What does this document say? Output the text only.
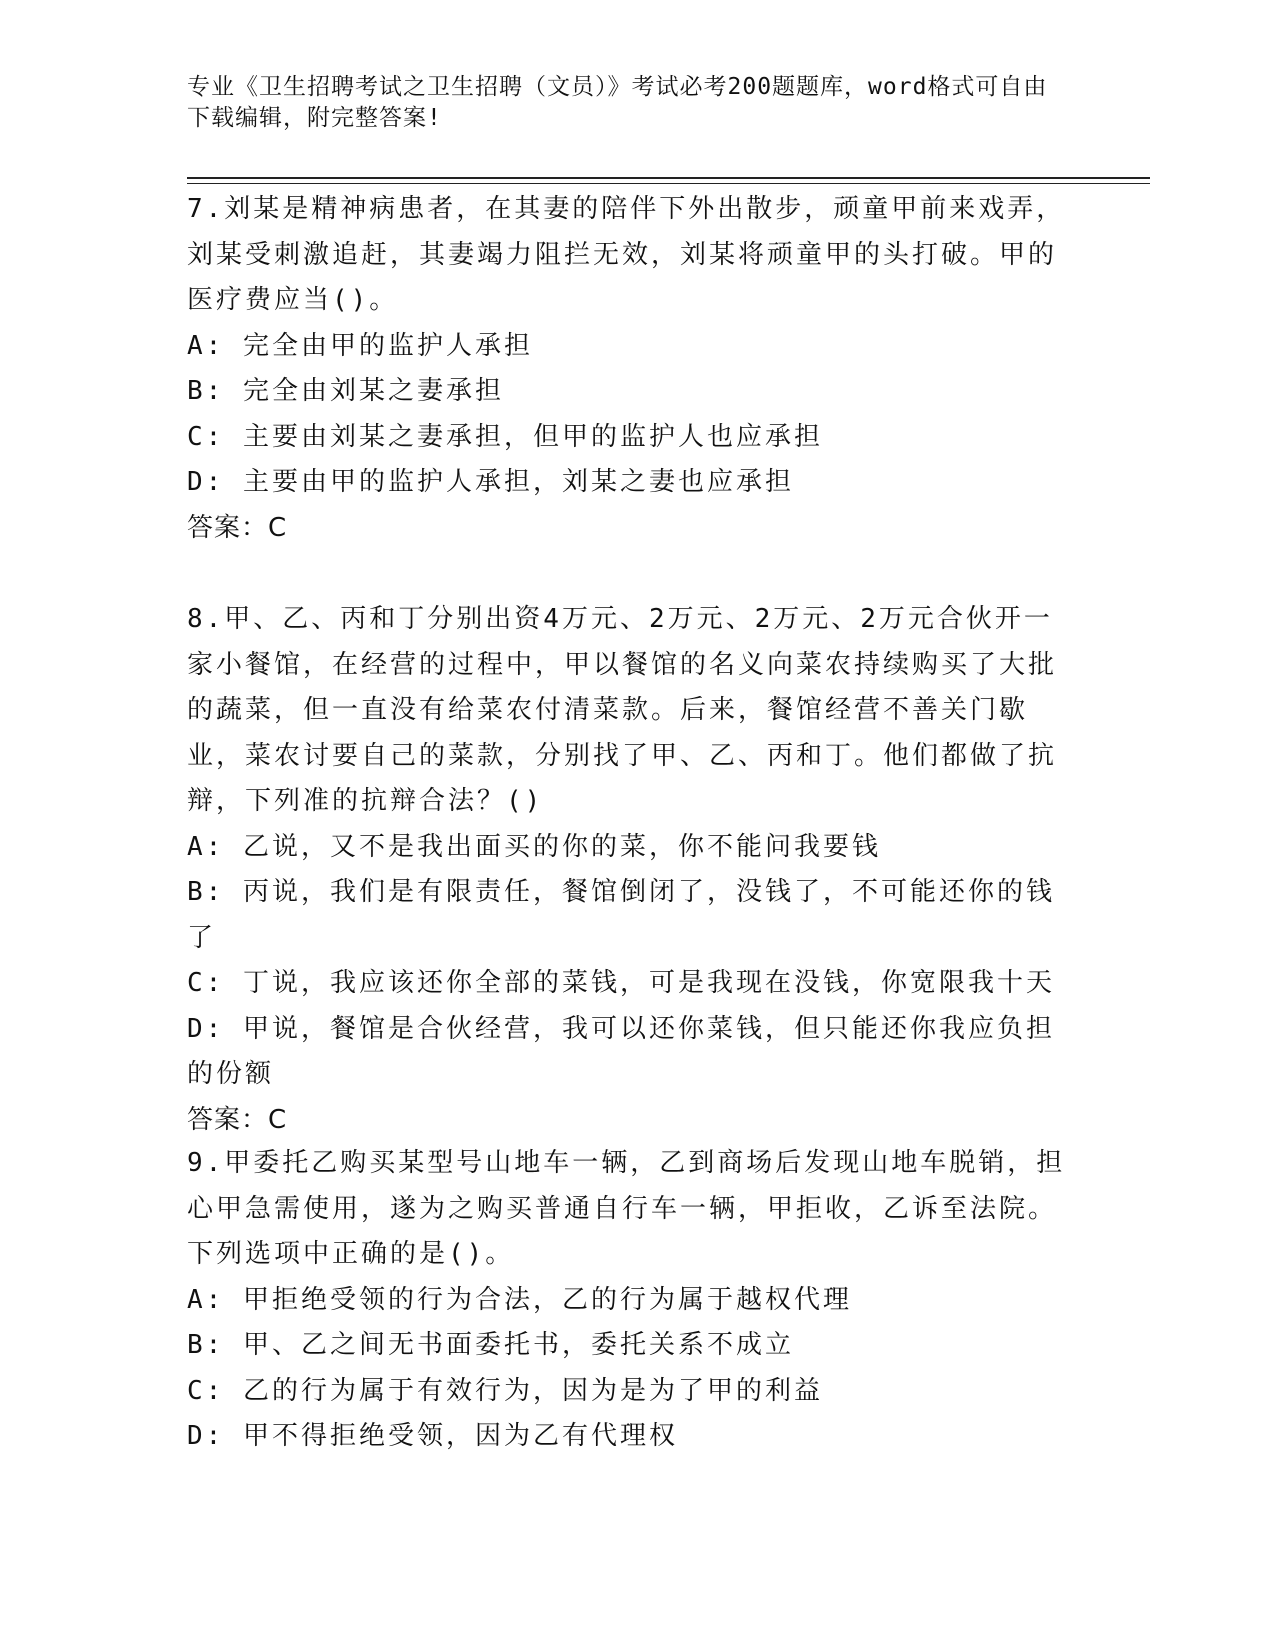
专业《卫生招聘考试之卫生招聘（文员）》考试必考200题题库，word格式可自由下载编辑，附完整答案!

7.刘某是精神病患者，在其妻的陪伴下外出散步，顽童甲前来戏弄，刘某受刺激追赶，其妻竭力阻拦无效，刘某将顽童甲的头打破。甲的医疗费应当()。

A: 完全由甲的监护人承担

B: 完全由刘某之妻承担

C: 主要由刘某之妻承担，但甲的监护人也应承担

D: 主要由甲的监护人承担，刘某之妻也应承担

答案：C

8.甲、乙、丙和丁分别出资4万元、2万元、2万元、2万元合伙开一家小餐馆，在经营的过程中，甲以餐馆的名义向菜农持续购买了大批的蔬菜，但一直没有给菜农付清菜款。后来，餐馆经营不善关门歇业，菜农讨要自己的菜款，分别找了甲、乙、丙和丁。他们都做了抗辩，下列准的抗辩合法？()

A: 乙说，又不是我出面买的你的菜，你不能问我要钱

B: 丙说，我们是有限责任，餐馆倒闭了，没钱了，不可能还你的钱了

C: 丁说，我应该还你全部的菜钱，可是我现在没钱，你宽限我十天

D: 甲说，餐馆是合伙经营，我可以还你菜钱，但只能还你我应负担的份额

答案：C

9.甲委托乙购买某型号山地车一辆，乙到商场后发现山地车脱销，担心甲急需使用，遂为之购买普通自行车一辆，甲拒收，乙诉至法院。下列选项中正确的是()。

A: 甲拒绝受领的行为合法，乙的行为属于越权代理

B: 甲、乙之间无书面委托书，委托关系不成立

C: 乙的行为属于有效行为，因为是为了甲的利益

D: 甲不得拒绝受领，因为乙有代理权
